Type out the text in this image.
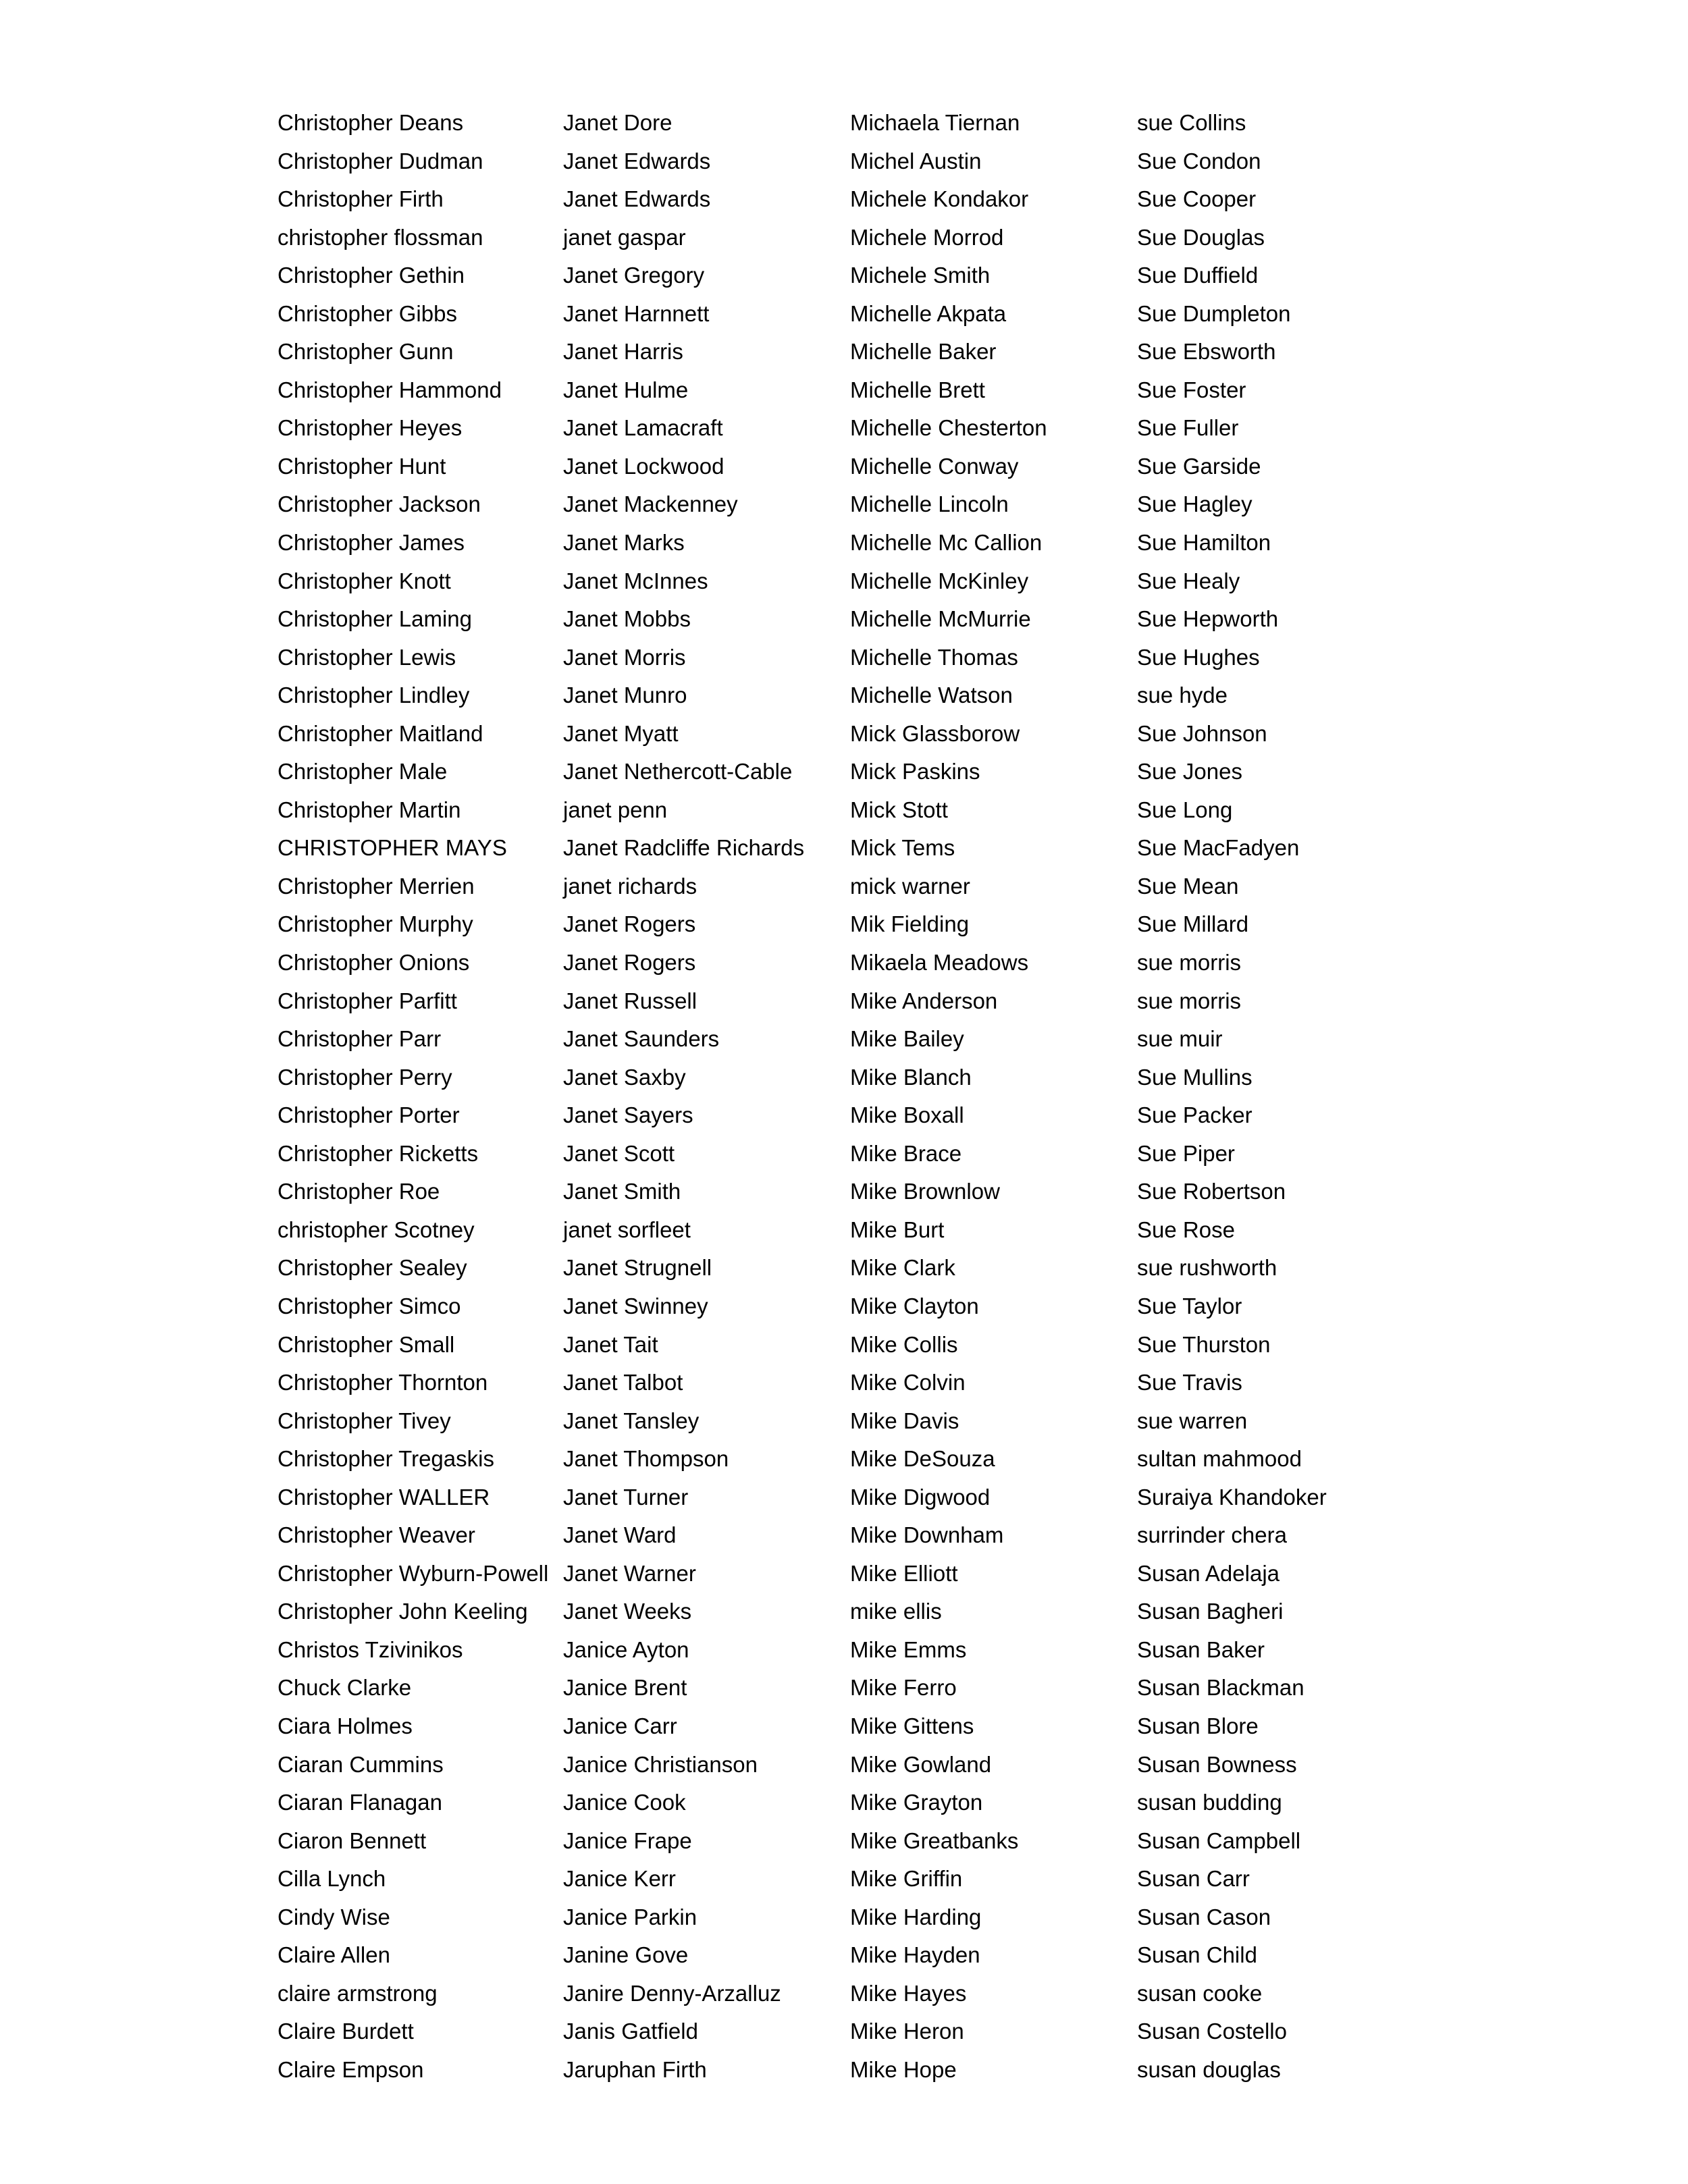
Christopher Deans
Christopher Dudman
Christopher Firth
christopher flossman
Christopher Gethin
Christopher Gibbs
Christopher Gunn
Christopher Hammond
Christopher Heyes
Christopher Hunt
Christopher Jackson
Christopher James
Christopher Knott
Christopher Laming
Christopher Lewis
Christopher Lindley
Christopher Maitland
Christopher Male
Christopher Martin
CHRISTOPHER MAYS
Christopher Merrien
Christopher Murphy
Christopher Onions
Christopher Parfitt
Christopher Parr
Christopher Perry
Christopher Porter
Christopher Ricketts
Christopher Roe
christopher Scotney
Christopher Sealey
Christopher Simco
Christopher Small
Christopher Thornton
Christopher Tivey
Christopher Tregaskis
Christopher WALLER
Christopher Weaver
Christopher Wyburn-Powell
Christopher John Keeling
Christos Tzivinikos
Chuck Clarke
Ciara Holmes
Ciaran Cummins
Ciaran Flanagan
Ciaron Bennett
Cilla Lynch
Cindy Wise
Claire Allen
claire armstrong
Claire Burdett
Claire Empson
Janet Dore
Janet Edwards
Janet Edwards
janet gaspar
Janet Gregory
Janet Harnnett
Janet Harris
Janet Hulme
Janet Lamacraft
Janet Lockwood
Janet Mackenney
Janet Marks
Janet McInnes
Janet Mobbs
Janet Morris
Janet Munro
Janet Myatt
Janet Nethercott-Cable
janet penn
Janet Radcliffe Richards
janet richards
Janet Rogers
Janet Rogers
Janet Russell
Janet Saunders
Janet Saxby
Janet Sayers
Janet Scott
Janet Smith
janet sorfleet
Janet Strugnell
Janet Swinney
Janet Tait
Janet Talbot
Janet Tansley
Janet Thompson
Janet Turner
Janet Ward
Janet Warner
Janet Weeks
Janice Ayton
Janice Brent
Janice Carr
Janice Christianson
Janice Cook
Janice Frape
Janice Kerr
Janice Parkin
Janine Gove
Janire Denny-Arzalluz
Janis Gatfield
Jaruphan Firth
Michaela Tiernan
Michel Austin
Michele Kondakor
Michele Morrod
Michele Smith
Michelle Akpata
Michelle Baker
Michelle Brett
Michelle Chesterton
Michelle Conway
Michelle Lincoln
Michelle Mc Callion
Michelle McKinley
Michelle McMurrie
Michelle Thomas
Michelle Watson
Mick Glassborow
Mick Paskins
Mick Stott
Mick Tems
mick warner
Mik Fielding
Mikaela Meadows
Mike Anderson
Mike Bailey
Mike Blanch
Mike Boxall
Mike Brace
Mike Brownlow
Mike Burt
Mike Clark
Mike Clayton
Mike Collis
Mike Colvin
Mike Davis
Mike DeSouza
Mike Digwood
Mike Downham
Mike Elliott
mike ellis
Mike Emms
Mike Ferro
Mike Gittens
Mike Gowland
Mike Grayton
Mike Greatbanks
Mike Griffin
Mike Harding
Mike Hayden
Mike Hayes
Mike Heron
Mike Hope
sue Collins
Sue Condon
Sue Cooper
Sue Douglas
Sue Duffield
Sue Dumpleton
Sue Ebsworth
Sue Foster
Sue Fuller
Sue Garside
Sue Hagley
Sue Hamilton
Sue Healy
Sue Hepworth
Sue Hughes
sue hyde
Sue Johnson
Sue Jones
Sue Long
Sue MacFadyen
Sue Mean
Sue Millard
sue morris
sue morris
sue muir
Sue Mullins
Sue Packer
Sue Piper
Sue Robertson
Sue Rose
sue rushworth
Sue Taylor
Sue Thurston
Sue Travis
sue warren
sultan mahmood
Suraiya Khandoker
surrinder chera
Susan Adelaja
Susan Bagheri
Susan Baker
Susan Blackman
Susan Blore
Susan Bowness
susan budding
Susan Campbell
Susan Carr
Susan Cason
Susan Child
susan cooke
Susan Costello
susan douglas
